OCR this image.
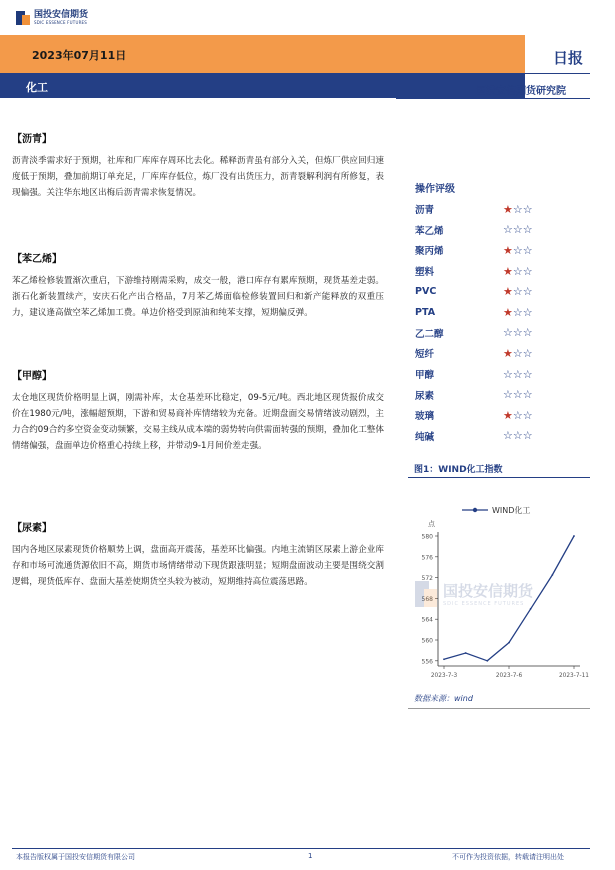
国投安信期货
SDIC ESSENCE FUTURES
2023年07月11日
化工
日报
国投安信期货研究院
【沥青】
沥青淡季需求好于预期，社库和厂库库存周环比去化。稀释沥青虽有部分入关，但炼厂供应回归速度低于预期，叠加前期订单充足，厂库库存低位，炼厂没有出货压力，沥青裂解利润有所修复，表现偏强。关注华东地区出梅后沥青需求恢复情况。
【苯乙烯】
苯乙烯检修装置渐次重启，下游维持刚需采购，成交一般，港口库存有累库预期，现货基差走弱。浙石化新装置续产，安庆石化产出合格品，7月苯乙烯面临检修装置回归和新产能释放的双重压力，建议逢高做空苯乙烯加工费。单边价格受到原油和纯苯支撑，短期偏反弹。
【甲醇】
太仓地区现货价格明显上调，刚需补库，太仓基差环比稳定，09-5元/吨。西北地区现货报价成交价在1980元/吨，涨幅超预期，下游和贸易商补库情绪较为充备。近期盘面交易情绪波动剧烈，主力合约09合约多空资金变动频繁，交易主线从成本端的弱势转向供需面转强的预期，叠加化工整体情绪偏强，盘面单边价格重心持续上移，并带动9-1月间价差走强。
【尿素】
国内各地区尿素现货价格顺势上调，盘面高开震荡，基差环比偏强。内地主流销区尿素上游企业库存和市场可流通货源依旧不高，期货市场情绪带动下现货跟涨明显；短期盘面波动主要是围绕交割逻辑，现货低库存、盘面大基差使期货空头较为被动，短期维持高位震荡思路。
操作评级
沥青	★☆☆
苯乙烯	☆☆☆
聚丙烯	★☆☆
塑料	★☆☆
PVC	★☆☆
PTA	★☆☆
乙二醇	☆☆☆
短纤	★☆☆
甲醇	☆☆☆
尿素	☆☆☆
玻璃	★☆☆
纯碱	☆☆☆
图1：WIND化工指数
WIND化工
点
556
560
564
568
572
576
580
2023-7-3	2023-7-6	2023-7-11
国投安信期货
SDIC ESSENCE FUTURES
数据来源：wind
本报告版权属于国投安信期货有限公司	1	不可作为投资依据，转载请注明出处
